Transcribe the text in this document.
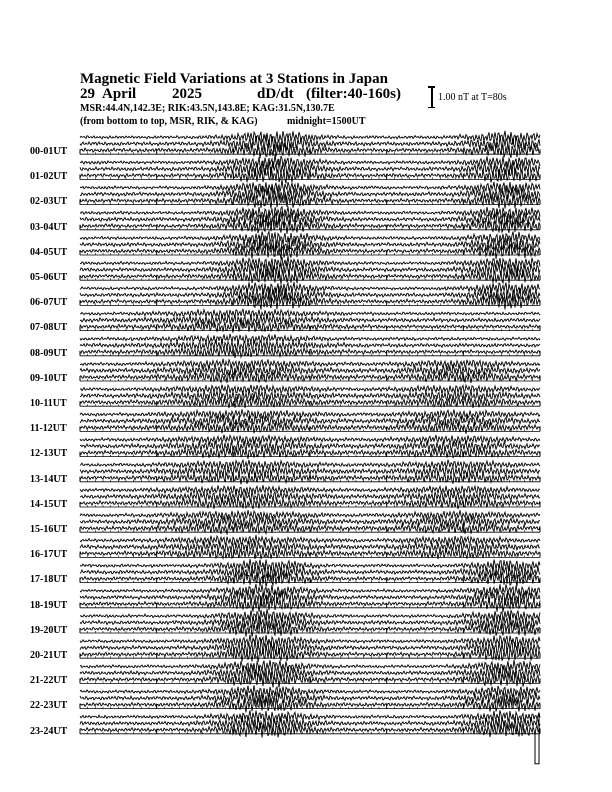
Magnetic Field Variations at 3 Stations in Japan
29 April 2025	dD/dt (filter:40-160s)
MSR:44.4N,142.3E; RIK:43.5N,143.8E; KAG:31.5N,130.7E
(from bottom to top, MSR, RIK, & KAG)	midnight=1500UT
1.00 nT at T=80s
00-01UT
01-02UT
02-03UT
03-04UT
04-05UT
05-06UT
06-07UT
07-08UT
08-09UT
09-10UT
10-11UT
11-12UT
12-13UT
13-14UT
14-15UT
15-16UT
16-17UT
17-18UT
18-19UT
19-20UT
20-21UT
21-22UT
22-23UT
23-24UT
